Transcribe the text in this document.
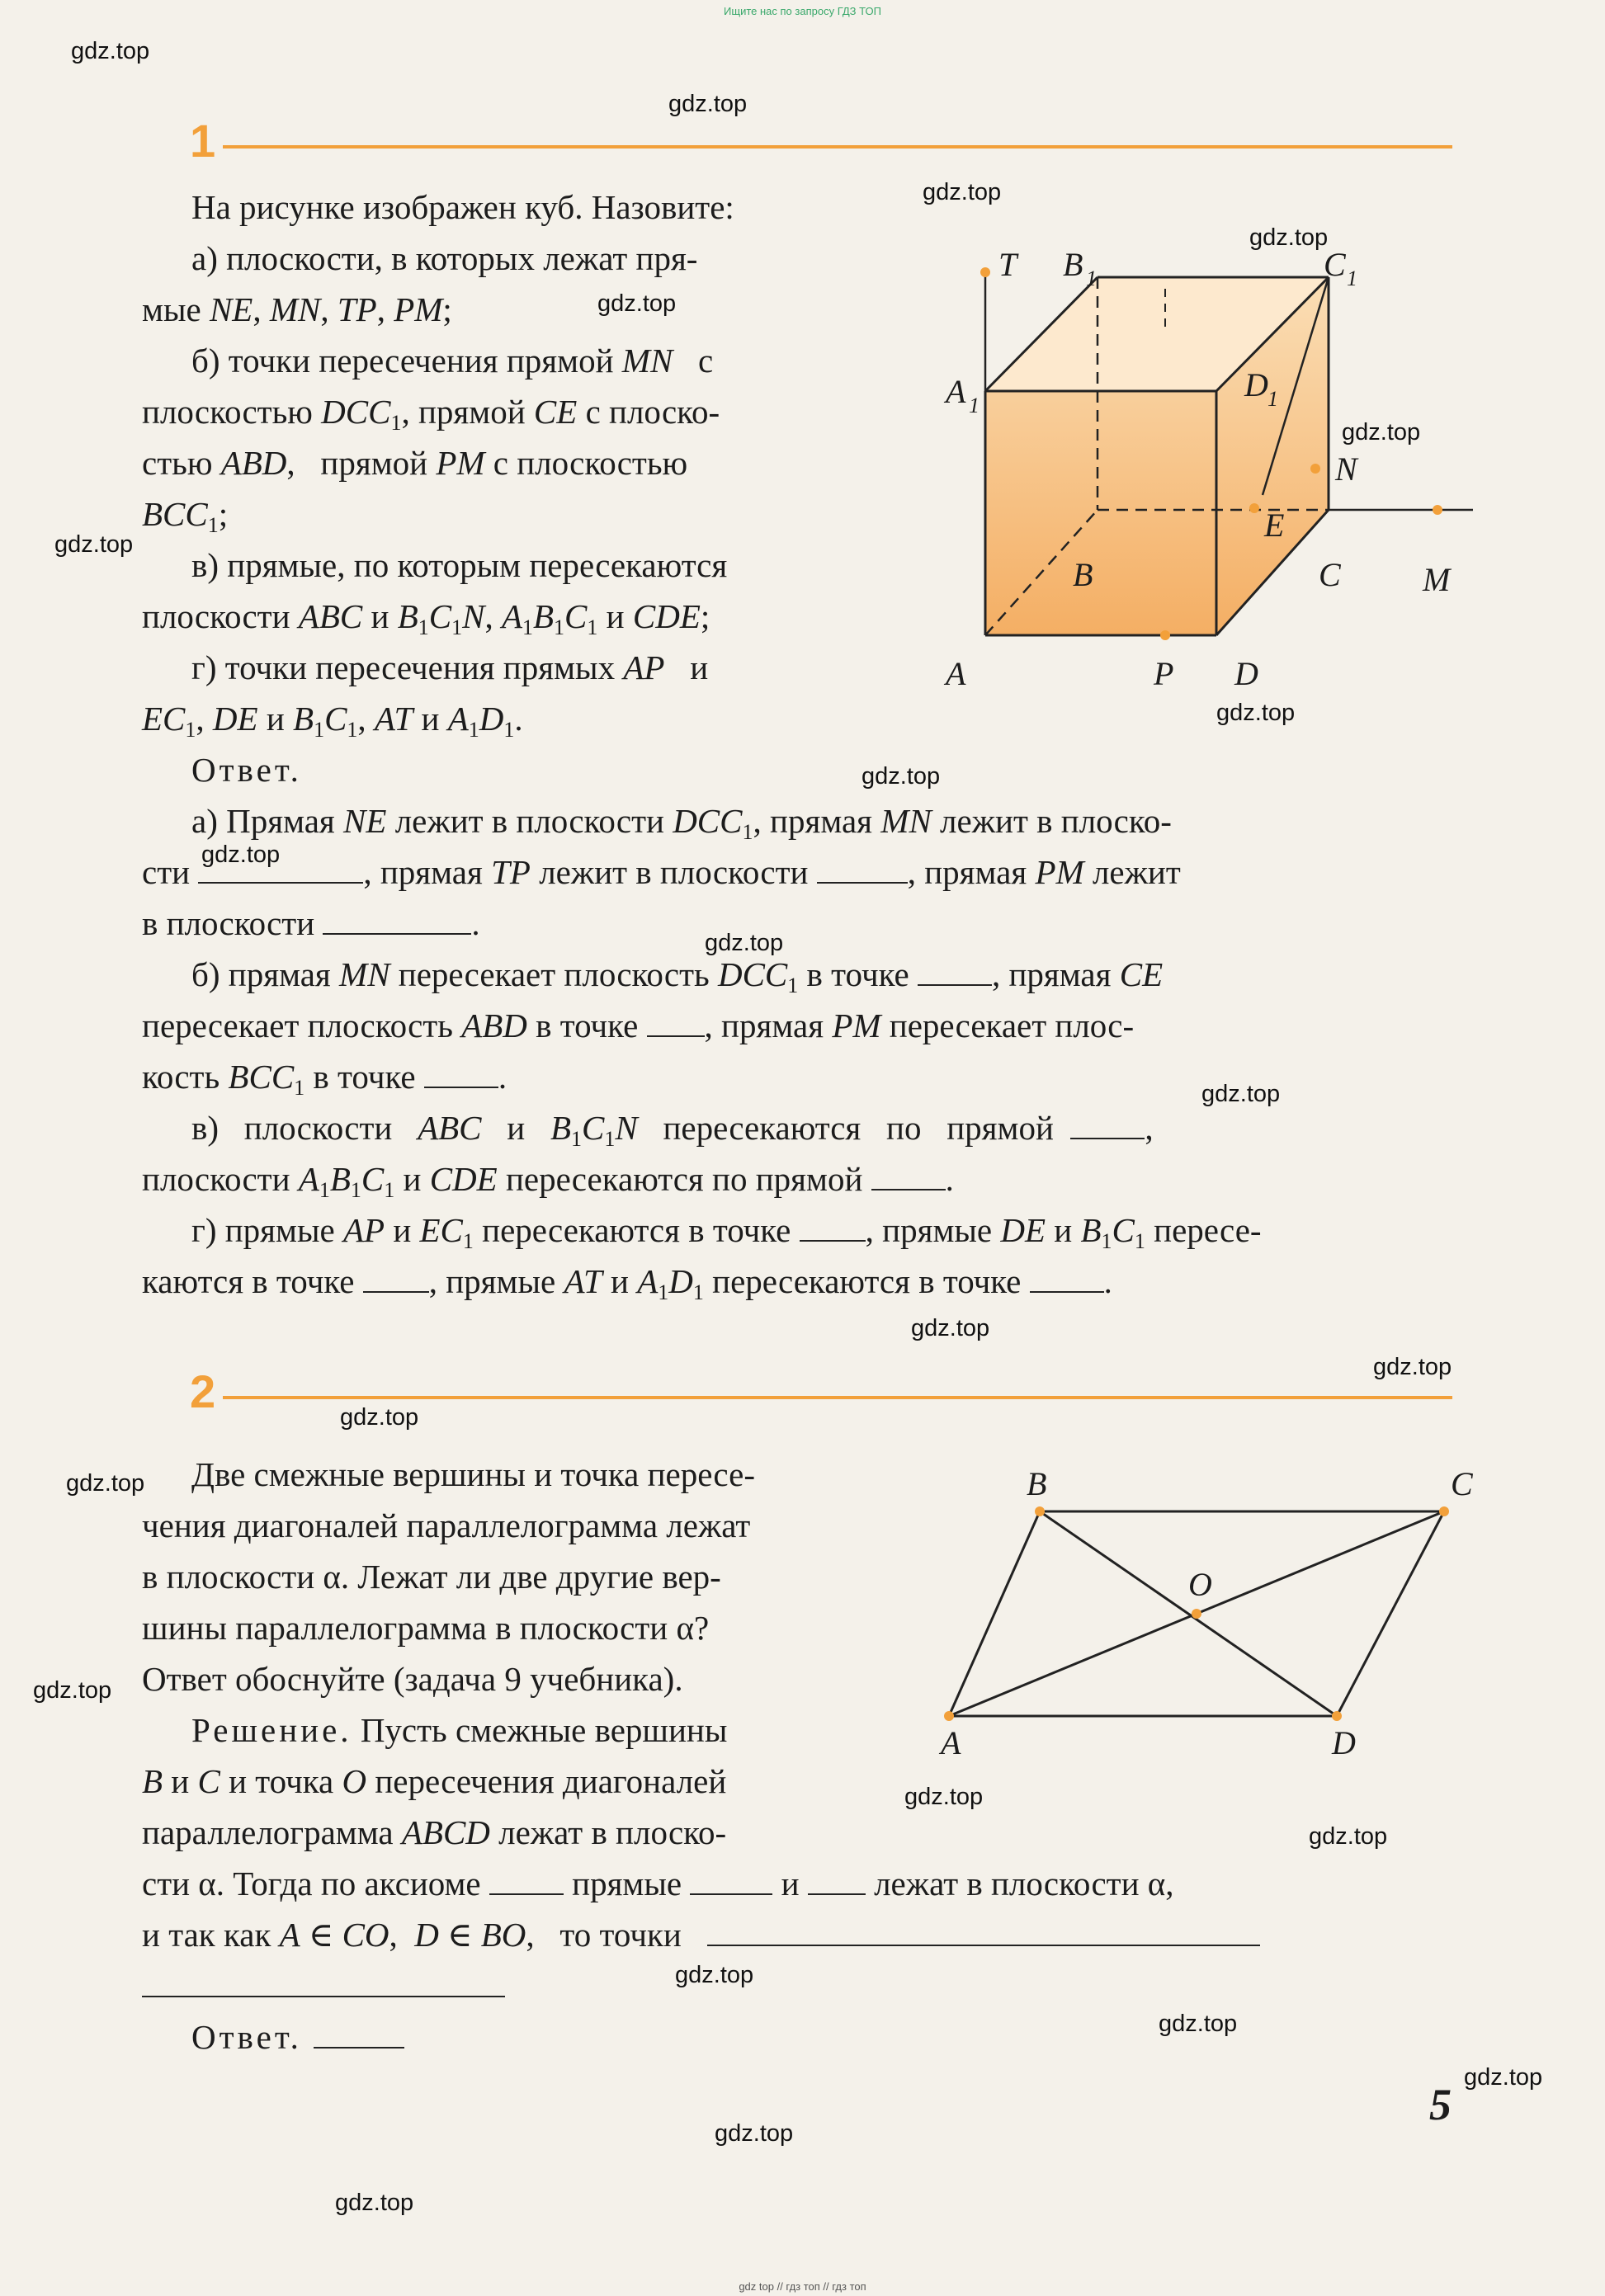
Ищите нас по запросу ГДЗ ТОП
gdz.top
gdz.top
gdz.top
gdz.top
gdz.top
gdz.top
gdz.top
gdz.top
gdz.top
gdz.top
gdz.top
gdz.top
gdz.top
gdz.top
gdz.top
gdz.top
gdz.top
gdz.top
gdz.top
gdz.top
gdz.top
gdz.top
gdz.top
gdz.top
1
На рисунке изображен куб. Назовите:
а) плоскости, в которых лежат пря-
мые NE, MN, TP, PM;
б) точки пересечения прямой MN   с
плоскостью $DCC_1$, прямой CE с плоско-
стью ABD,   прямой PM с плоскостью
$BCC_1$;
в) прямые, по которым пересекаются
плоскости ABC и $B_1C_1N$, $A_1B_1C_1$ и CDE;
г) точки пересечения прямых AP   и
$EC_1$, DE и $B_1C_1$, AT и $A_1D_1$.
Ответ.
а) Прямая NE лежит в плоскости $DCC_1$, прямая MN лежит в плоско-
сти	, прямая TP лежит в плоскости	, прямая PM лежит
в плоскости	.
б) прямая MN пересекает плоскость $DCC_1$ в точке , прямая CE
пересекает плоскость ABD в точке , прямая PM пересекает плос-
кость $BCC_1$ в точке .
в)   плоскости   ABC   и   $B_1C_1N$   пересекаются   по   прямой  ,
плоскости $A_1B_1C_1$ и CDE пересекаются по прямой .
г) прямые AP и $EC_1$ пересекаются в точке , прямые DE и $B_1C_1$ пересе-
каются в точке , прямые AT и $A_1D_1$ пересекаются в точке .
T B 1	C 1
A 1
D 1
N
E
B	C M
A	P D
2
Две смежные вершины и точка пересе-
чения диагоналей параллелограмма лежат
в плоскости α. Лежат ли две другие вер-
шины параллелограмма в плоскости α?
Ответ обоснуйте (задача 9 учебника).
Решение. Пусть смежные вершины
B и C и точка O пересечения диагоналей
параллелограмма ABCD лежат в плоско-
сти α. Тогда по аксиоме  прямые  и  лежат в плоскости α,
и так как A ∈ CO,  D ∈ BO,   то точки
Ответ.
B	C
O
A	D
5
gdz top // гдз топ // гдз топ
